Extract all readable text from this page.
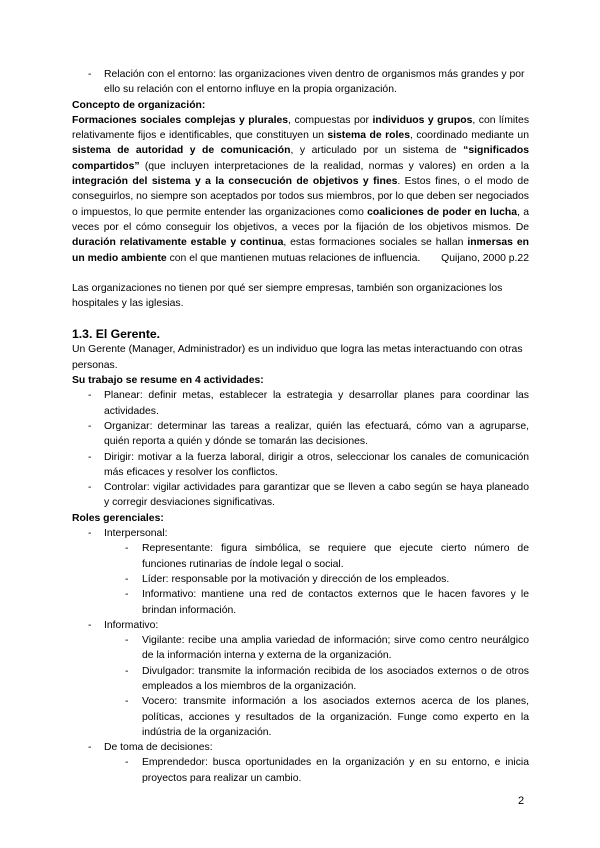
- Relación con el entorno: las organizaciones viven dentro de organismos más grandes y por ello su relación con el entorno influye en la propia organización.

Concepto de organización:

Formaciones sociales complejas y plurales, compuestas por individuos y grupos, con límites relativamente fijos e identificables, que constituyen un sistema de roles, coordinado mediante un sistema de autoridad y de comunicación, y articulado por un sistema de “significados compartidos” (que incluyen interpretaciones de la realidad, normas y valores) en orden a la integración del sistema y a la consecución de objetivos y fines. Estos fines, o el modo de conseguirlos, no siempre son aceptados por todos sus miembros, por lo que deben ser negociados o impuestos, lo que permite entender las organizaciones como coaliciones de poder en lucha, a veces por el cómo conseguir los objetivos, a veces por la fijación de los objetivos mismos. De duración relativamente estable y continua, estas formaciones sociales se hallan inmersas en un medio ambiente con el que mantienen mutuas relaciones de influencia. Quijano, 2000 p.22

Las organizaciones no tienen por qué ser siempre empresas, también son organizaciones los hospitales y las iglesias.

1.3. El Gerente.

Un Gerente (Manager, Administrador) es un individuo que logra las metas interactuando con otras personas.

Su trabajo se resume en 4 actividades:

- Planear: definir metas, establecer la estrategia y desarrollar planes para coordinar las actividades.
- Organizar: determinar las tareas a realizar, quién las efectuará, cómo van a agruparse, quién reporta a quién y dónde se tomarán las decisiones.
- Dirigir: motivar a la fuerza laboral, dirigir a otros, seleccionar los canales de comunicación más eficaces y resolver los conflictos.
- Controlar: vigilar actividades para garantizar que se lleven a cabo según se haya planeado y corregir desviaciones significativas.

Roles gerenciales:

- Interpersonal:
- Representante: figura simbólica, se requiere que ejecute cierto número de funciones rutinarias de índole legal o social.
- Líder: responsable por la motivación y dirección de los empleados.
- Informativo: mantiene una red de contactos externos que le hacen favores y le brindan información.
- Informativo:
- Vigilante: recibe una amplia variedad de información; sirve como centro neurálgico de la información interna y externa de la organización.
- Divulgador: transmite la información recibida de los asociados externos o de otros empleados a los miembros de la organización.
- Vocero: transmite información a los asociados externos acerca de los planes, políticas, acciones y resultados de la organización. Funge como experto en la indústria de la organización.
- De toma de decisiones:
- Emprendedor: busca oportunidades en la organización y en su entorno, e inicia proyectos para realizar un cambio.
2
